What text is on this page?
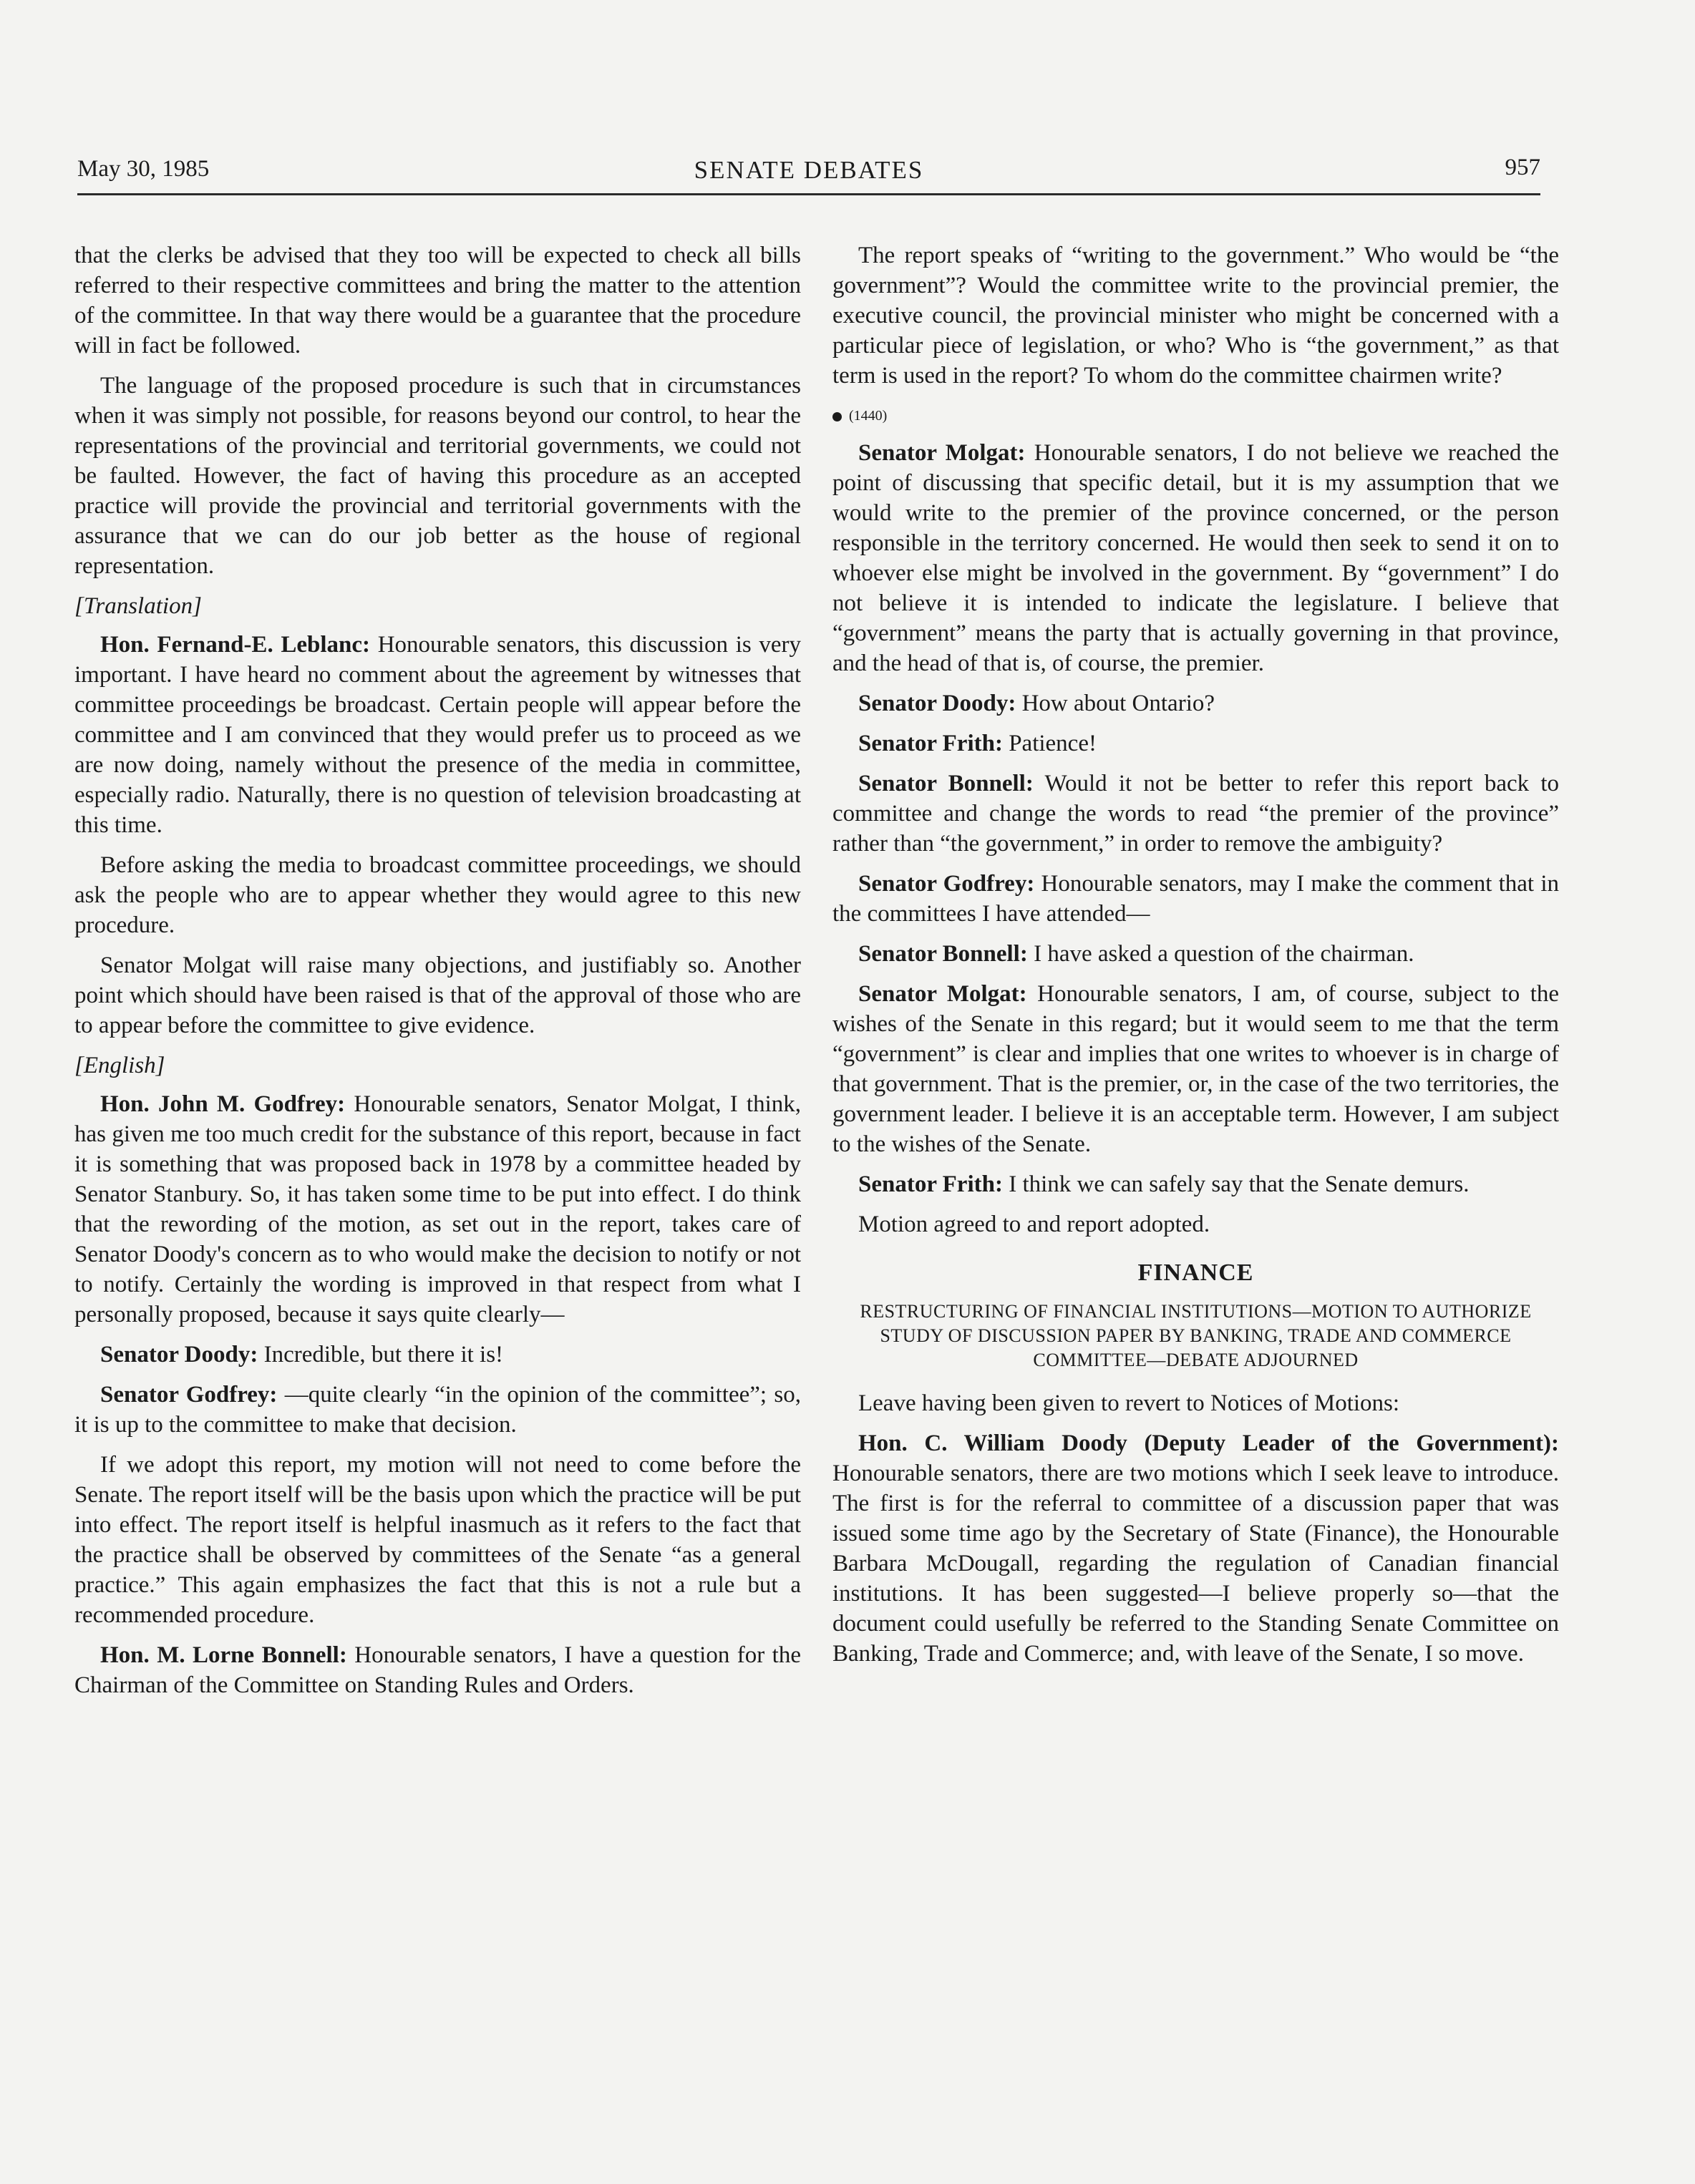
May 30, 1985	SENATE DEBATES	957

that the clerks be advised that they too will be expected to check all bills referred to their respective committees and bring the matter to the attention of the committee. In that way there would be a guarantee that the procedure will in fact be followed.

The language of the proposed procedure is such that in circumstances when it was simply not possible, for reasons beyond our control, to hear the representations of the provincial and territorial governments, we could not be faulted. However, the fact of having this procedure as an accepted practice will provide the provincial and territorial governments with the assurance that we can do our job better as the house of regional representation.

[Translation]

Hon. Fernand-E. Leblanc: Honourable senators, this discussion is very important. I have heard no comment about the agreement by witnesses that committee proceedings be broadcast. Certain people will appear before the committee and I am convinced that they would prefer us to proceed as we are now doing, namely without the presence of the media in committee, especially radio. Naturally, there is no question of television broadcasting at this time.

Before asking the media to broadcast committee proceedings, we should ask the people who are to appear whether they would agree to this new procedure.

Senator Molgat will raise many objections, and justifiably so. Another point which should have been raised is that of the approval of those who are to appear before the committee to give evidence.

[English]

Hon. John M. Godfrey: Honourable senators, Senator Molgat, I think, has given me too much credit for the substance of this report, because in fact it is something that was proposed back in 1978 by a committee headed by Senator Stanbury. So, it has taken some time to be put into effect. I do think that the rewording of the motion, as set out in the report, takes care of Senator Doody's concern as to who would make the decision to notify or not to notify. Certainly the wording is improved in that respect from what I personally proposed, because it says quite clearly—

Senator Doody: Incredible, but there it is!

Senator Godfrey: —quite clearly “in the opinion of the committee”; so, it is up to the committee to make that decision.

If we adopt this report, my motion will not need to come before the Senate. The report itself will be the basis upon which the practice will be put into effect. The report itself is helpful inasmuch as it refers to the fact that the practice shall be observed by committees of the Senate “as a general practice.” This again emphasizes the fact that this is not a rule but a recommended procedure.

Hon. M. Lorne Bonnell: Honourable senators, I have a question for the Chairman of the Committee on Standing Rules and Orders.

The report speaks of “writing to the government.” Who would be “the government”? Would the committee write to the provincial premier, the executive council, the provincial minister who might be concerned with a particular piece of legislation, or who? Who is “the government,” as that term is used in the report? To whom do the committee chairmen write?

(1440)

Senator Molgat: Honourable senators, I do not believe we reached the point of discussing that specific detail, but it is my assumption that we would write to the premier of the province concerned, or the person responsible in the territory concerned. He would then seek to send it on to whoever else might be involved in the government. By “government” I do not believe it is intended to indicate the legislature. I believe that “government” means the party that is actually governing in that province, and the head of that is, of course, the premier.

Senator Doody: How about Ontario?

Senator Frith: Patience!

Senator Bonnell: Would it not be better to refer this report back to committee and change the words to read “the premier of the province” rather than “the government,” in order to remove the ambiguity?

Senator Godfrey: Honourable senators, may I make the comment that in the committees I have attended—

Senator Bonnell: I have asked a question of the chairman.

Senator Molgat: Honourable senators, I am, of course, subject to the wishes of the Senate in this regard; but it would seem to me that the term “government” is clear and implies that one writes to whoever is in charge of that government. That is the premier, or, in the case of the two territories, the government leader. I believe it is an acceptable term. However, I am subject to the wishes of the Senate.

Senator Frith: I think we can safely say that the Senate demurs.

Motion agreed to and report adopted.

FINANCE
RESTRUCTURING OF FINANCIAL INSTITUTIONS—MOTION TO AUTHORIZE STUDY OF DISCUSSION PAPER BY BANKING, TRADE AND COMMERCE COMMITTEE—DEBATE ADJOURNED

Leave having been given to revert to Notices of Motions:

Hon. C. William Doody (Deputy Leader of the Government): Honourable senators, there are two motions which I seek leave to introduce. The first is for the referral to committee of a discussion paper that was issued some time ago by the Secretary of State (Finance), the Honourable Barbara McDougall, regarding the regulation of Canadian financial institutions. It has been suggested—I believe properly so—that the document could usefully be referred to the Standing Senate Committee on Banking, Trade and Commerce; and, with leave of the Senate, I so move.
